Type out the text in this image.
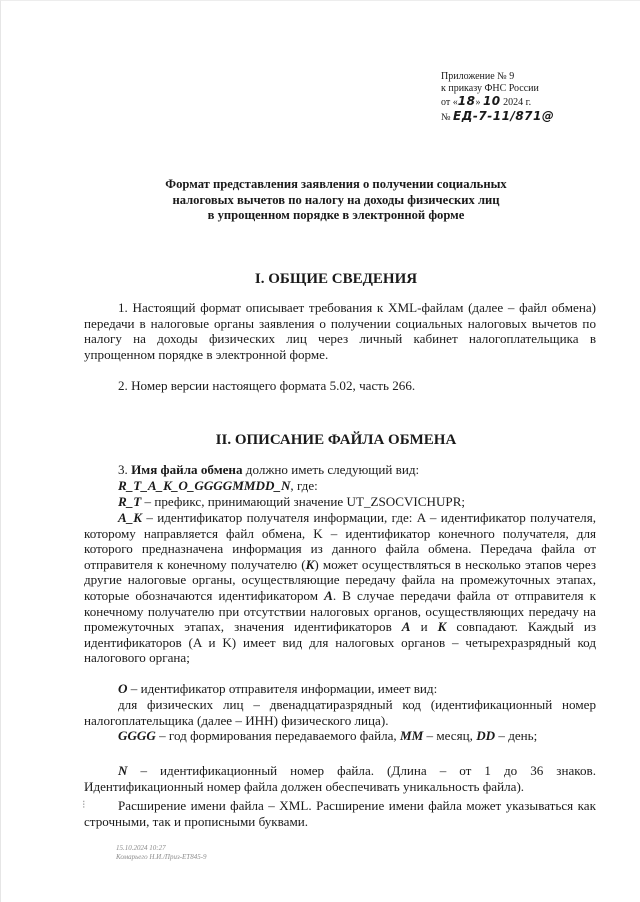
Приложение № 9
к приказу ФНС России
от «18» 10 2024 г.
№ ЕД-7-11/871@
Формат представления заявления о получении социальных
налоговых вычетов по налогу на доходы физических лиц
в упрощенном порядке в электронной форме
I. ОБЩИЕ СВЕДЕНИЯ
1. Настоящий формат описывает требования к XML-файлам (далее – файл обмена) передачи в налоговые органы заявления о получении социальных налоговых вычетов по налогу на доходы физических лиц через личный кабинет налогоплательщика в упрощенном порядке в электронной форме.
2. Номер версии настоящего формата 5.02, часть 266.
II. ОПИСАНИЕ ФАЙЛА ОБМЕНА
3. Имя файла обмена должно иметь следующий вид:
R_T_A_K_O_GGGGMMDD_N, где:
R_T – префикс, принимающий значение UT_ZSOCVICHUPR;
A_K – идентификатор получателя информации, где: A – идентификатор получателя, которому направляется файл обмена, K – идентификатор конечного получателя, для которого предназначена информация из данного файла обмена. Передача файла от отправителя к конечному получателю (K) может осуществляться в несколько этапов через другие налоговые органы, осуществляющие передачу файла на промежуточных этапах, которые обозначаются идентификатором A. В случае передачи файла от отправителя к конечному получателю при отсутствии налоговых органов, осуществляющих передачу на промежуточных этапах, значения идентификаторов A и K совпадают. Каждый из идентификаторов (A и K) имеет вид для налоговых органов – четырехразрядный код налогового органа;
O – идентификатор отправителя информации, имеет вид:
для физических лиц – двенадцатиразрядный код (идентификационный номер налогоплательщика (далее – ИНН) физического лица).
GGGG – год формирования передаваемого файла, MM – месяц, DD – день;
N – идентификационный номер файла. (Длина – от 1 до 36 знаков. Идентификационный номер файла должен обеспечивать уникальность файла).
⁝	Расширение имени файла – XML. Расширение имени файла может указываться как строчными, так и прописными буквами.
15.10.2024 10:27
Комарьего Н.И./Приз-ЕТ845-9
